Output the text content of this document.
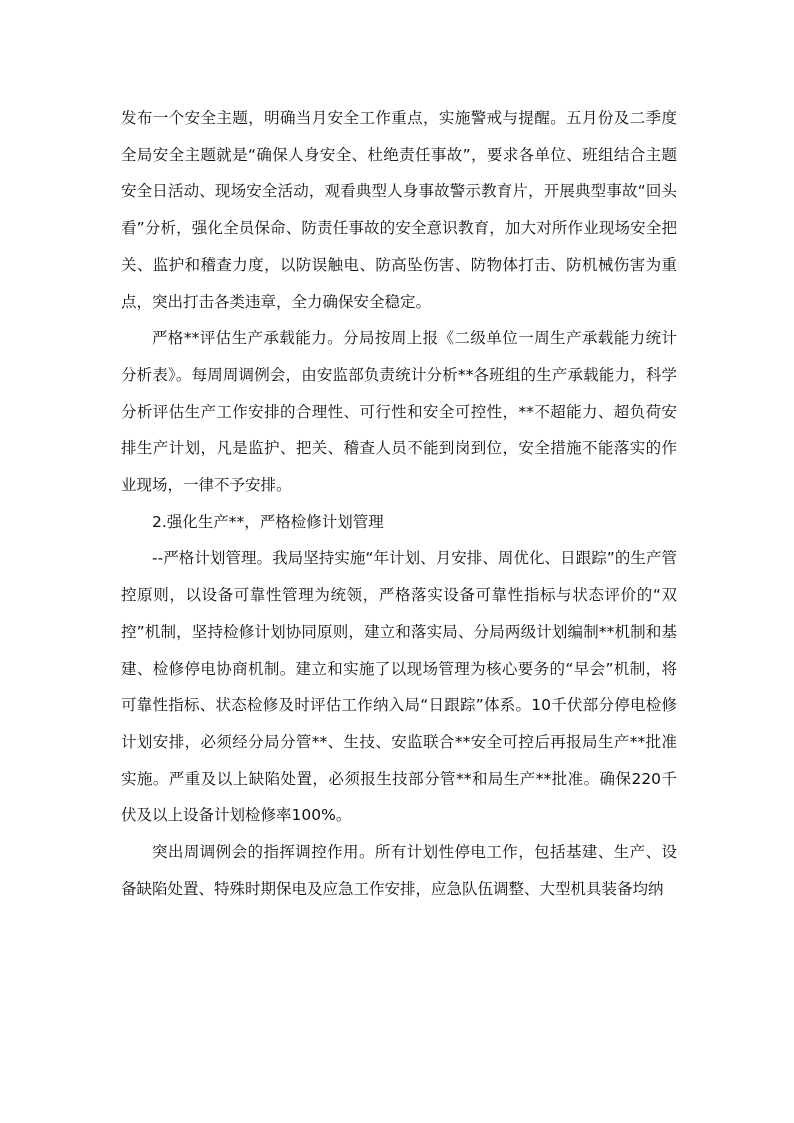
发布一个安全主题，明确当月安全工作重点，实施警戒与提醒。五月份及二季度全局安全主题就是“确保人身安全、杜绝责任事故”，要求各单位、班组结合主题安全日活动、现场安全活动，观看典型人身事故警示教育片，开展典型事故“回头看”分析，强化全员保命、防责任事故的安全意识教育，加大对所作业现场安全把关、监护和稽查力度，以防误触电、防高坠伤害、防物体打击、防机械伤害为重点，突出打击各类违章，全力确保安全稳定。

严格**评估生产承载能力。分局按周上报《二级单位一周生产承载能力统计分析表》。每周周调例会，由安监部负责统计分析**各班组的生产承载能力，科学分析评估生产工作安排的合理性、可行性和安全可控性，**不超能力、超负荷安排生产计划，凡是监护、把关、稽查人员不能到岗到位，安全措施不能落实的作业现场，一律不予安排。

2.强化生产**，严格检修计划管理

--严格计划管理。我局坚持实施“年计划、月安排、周优化、日跟踪”的生产管控原则，以设备可靠性管理为统领，严格落实设备可靠性指标与状态评价的“双控”机制，坚持检修计划协同原则，建立和落实局、分局两级计划编制**机制和基建、检修停电协商机制。建立和实施了以现场管理为核心要务的“早会”机制，将可靠性指标、状态检修及时评估工作纳入局“日跟踪”体系。10千伏部分停电检修计划安排，必须经分局分管**、生技、安监联合**安全可控后再报局生产**批准实施。严重及以上缺陷处置，必须报生技部分管**和局生产**批准。确保220千伏及以上设备计划检修率100%。

突出周调例会的指挥调控作用。所有计划性停电工作，包括基建、生产、设备缺陷处置、特殊时期保电及应急工作安排，应急队伍调整、大型机具装备均纳
